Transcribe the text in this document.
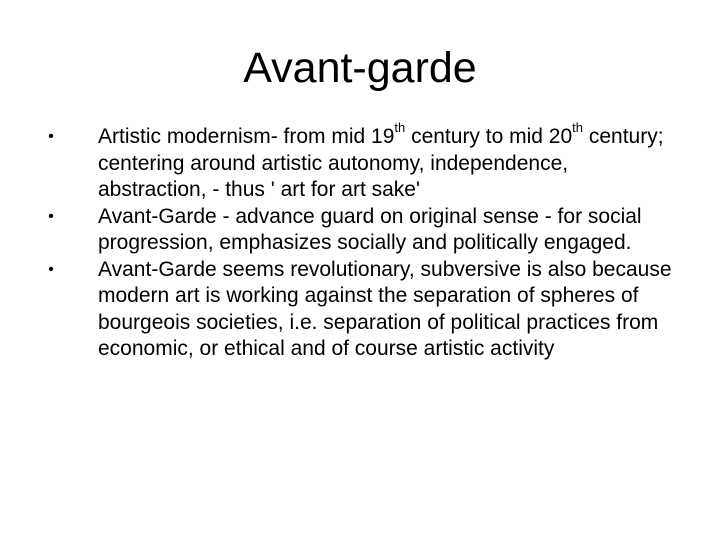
Avant-garde
• Artistic modernism- from mid 19th century to mid 20th century; centering around artistic autonomy, independence, abstraction, - thus ' art for art sake'
• Avant-Garde - advance guard on original sense - for social progression, emphasizes socially and politically engaged.
• Avant-Garde seems revolutionary, subversive is also because modern art is working against the separation of spheres of bourgeois societies, i.e. separation of political practices from economic, or ethical and of course artistic activity
